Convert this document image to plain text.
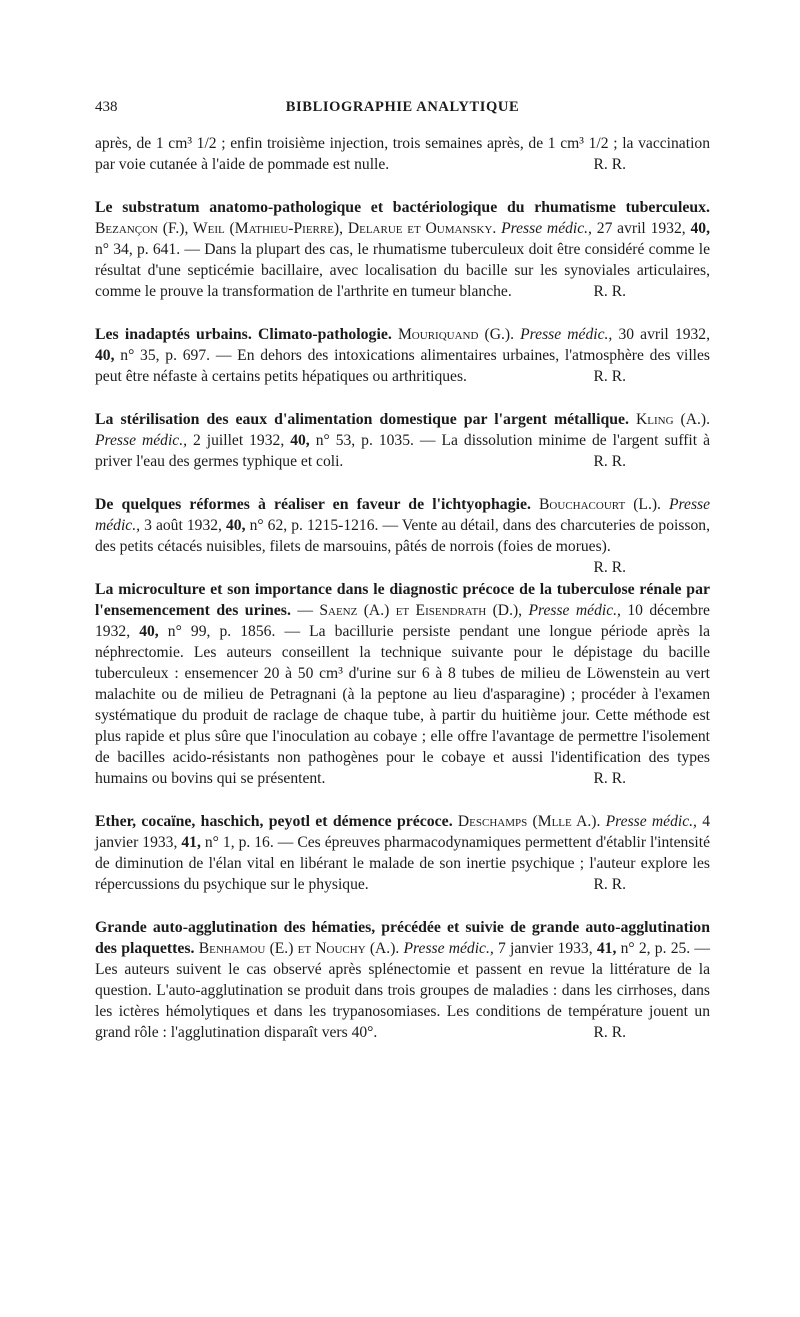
438	BIBLIOGRAPHIE ANALYTIQUE

après, de 1 cm³ 1/2 ; enfin troisième injection, trois semaines après, de 1 cm³ 1/2 ; la vaccination par voie cutanée à l'aide de pommade est nulle.	R. R.

Le substratum anatomo-pathologique et bactériologique du rhumatisme tuberculeux. Bezançon (F.), Weil (Mathieu-Pierre), Delarue et Oumansky. Presse médic., 27 avril 1932, 40, n° 34, p. 641. — Dans la plupart des cas, le rhumatisme tuberculeux doit être considéré comme le résultat d'une septicémie bacillaire, avec localisation du bacille sur les synoviales articulaires, comme le prouve la transformation de l'arthrite en tumeur blanche.	R. R.

Les inadaptés urbains. Climato-pathologie. Mouriquand (G.). Presse médic., 30 avril 1932, 40, n° 35, p. 697. — En dehors des intoxications alimentaires urbaines, l'atmosphère des villes peut être néfaste à certains petits hépatiques ou arthritiques.	R. R.

La stérilisation des eaux d'alimentation domestique par l'argent métallique. Kling (A.). Presse médic., 2 juillet 1932, 40, n° 53, p. 1035. — La dissolution minime de l'argent suffit à priver l'eau des germes typhique et coli.	R. R.

De quelques réformes à réaliser en faveur de l'ichtyophagie. Bouchacourt (L.). Presse médic., 3 août 1932, 40, n° 62, p. 1215-1216. — Vente au détail, dans des charcuteries de poisson, des petits cétacés nuisibles, filets de marsouins, pâtés de norrois (foies de morues).
R. R.

La microculture et son importance dans le diagnostic précoce de la tuberculose rénale par l'ensemencement des urines. — Saenz (A.) et Eisendrath (D.), Presse médic., 10 décembre 1932, 40, n° 99, p. 1856. — La bacillurie persiste pendant une longue période après la néphrectomie. Les auteurs conseillent la technique suivante pour le dépistage du bacille tuberculeux : ensemencer 20 à 50 cm³ d'urine sur 6 à 8 tubes de milieu de Löwenstein au vert malachite ou de milieu de Petragnani (à la peptone au lieu d'asparagine) ; procéder à l'examen systématique du produit de raclage de chaque tube, à partir du huitième jour. Cette méthode est plus rapide et plus sûre que l'inoculation au cobaye ; elle offre l'avantage de permettre l'isolement de bacilles acido-résistants non pathogènes pour le cobaye et aussi l'identification des types humains ou bovins qui se présentent.	R. R.

Ether, cocaïne, haschich, peyotl et démence précoce. Deschamps (Mlle A.). Presse médic., 4 janvier 1933, 41, n° 1, p. 16. — Ces épreuves pharmacodynamiques permettent d'établir l'intensité de diminution de l'élan vital en libérant le malade de son inertie psychique ; l'auteur explore les répercussions du psychique sur le physique.	R. R.

Grande auto-agglutination des hématies, précédée et suivie de grande auto-agglutination des plaquettes. Benhamou (E.) et Nouchy (A.). Presse médic., 7 janvier 1933, 41, n° 2, p. 25. — Les auteurs suivent le cas observé après splénectomie et passent en revue la littérature de la question. L'auto-agglutination se produit dans trois groupes de maladies : dans les cirrhoses, dans les ictères hémolytiques et dans les trypanosomiases. Les conditions de température jouent un grand rôle : l'agglutination disparaît vers 40°.	R. R.
